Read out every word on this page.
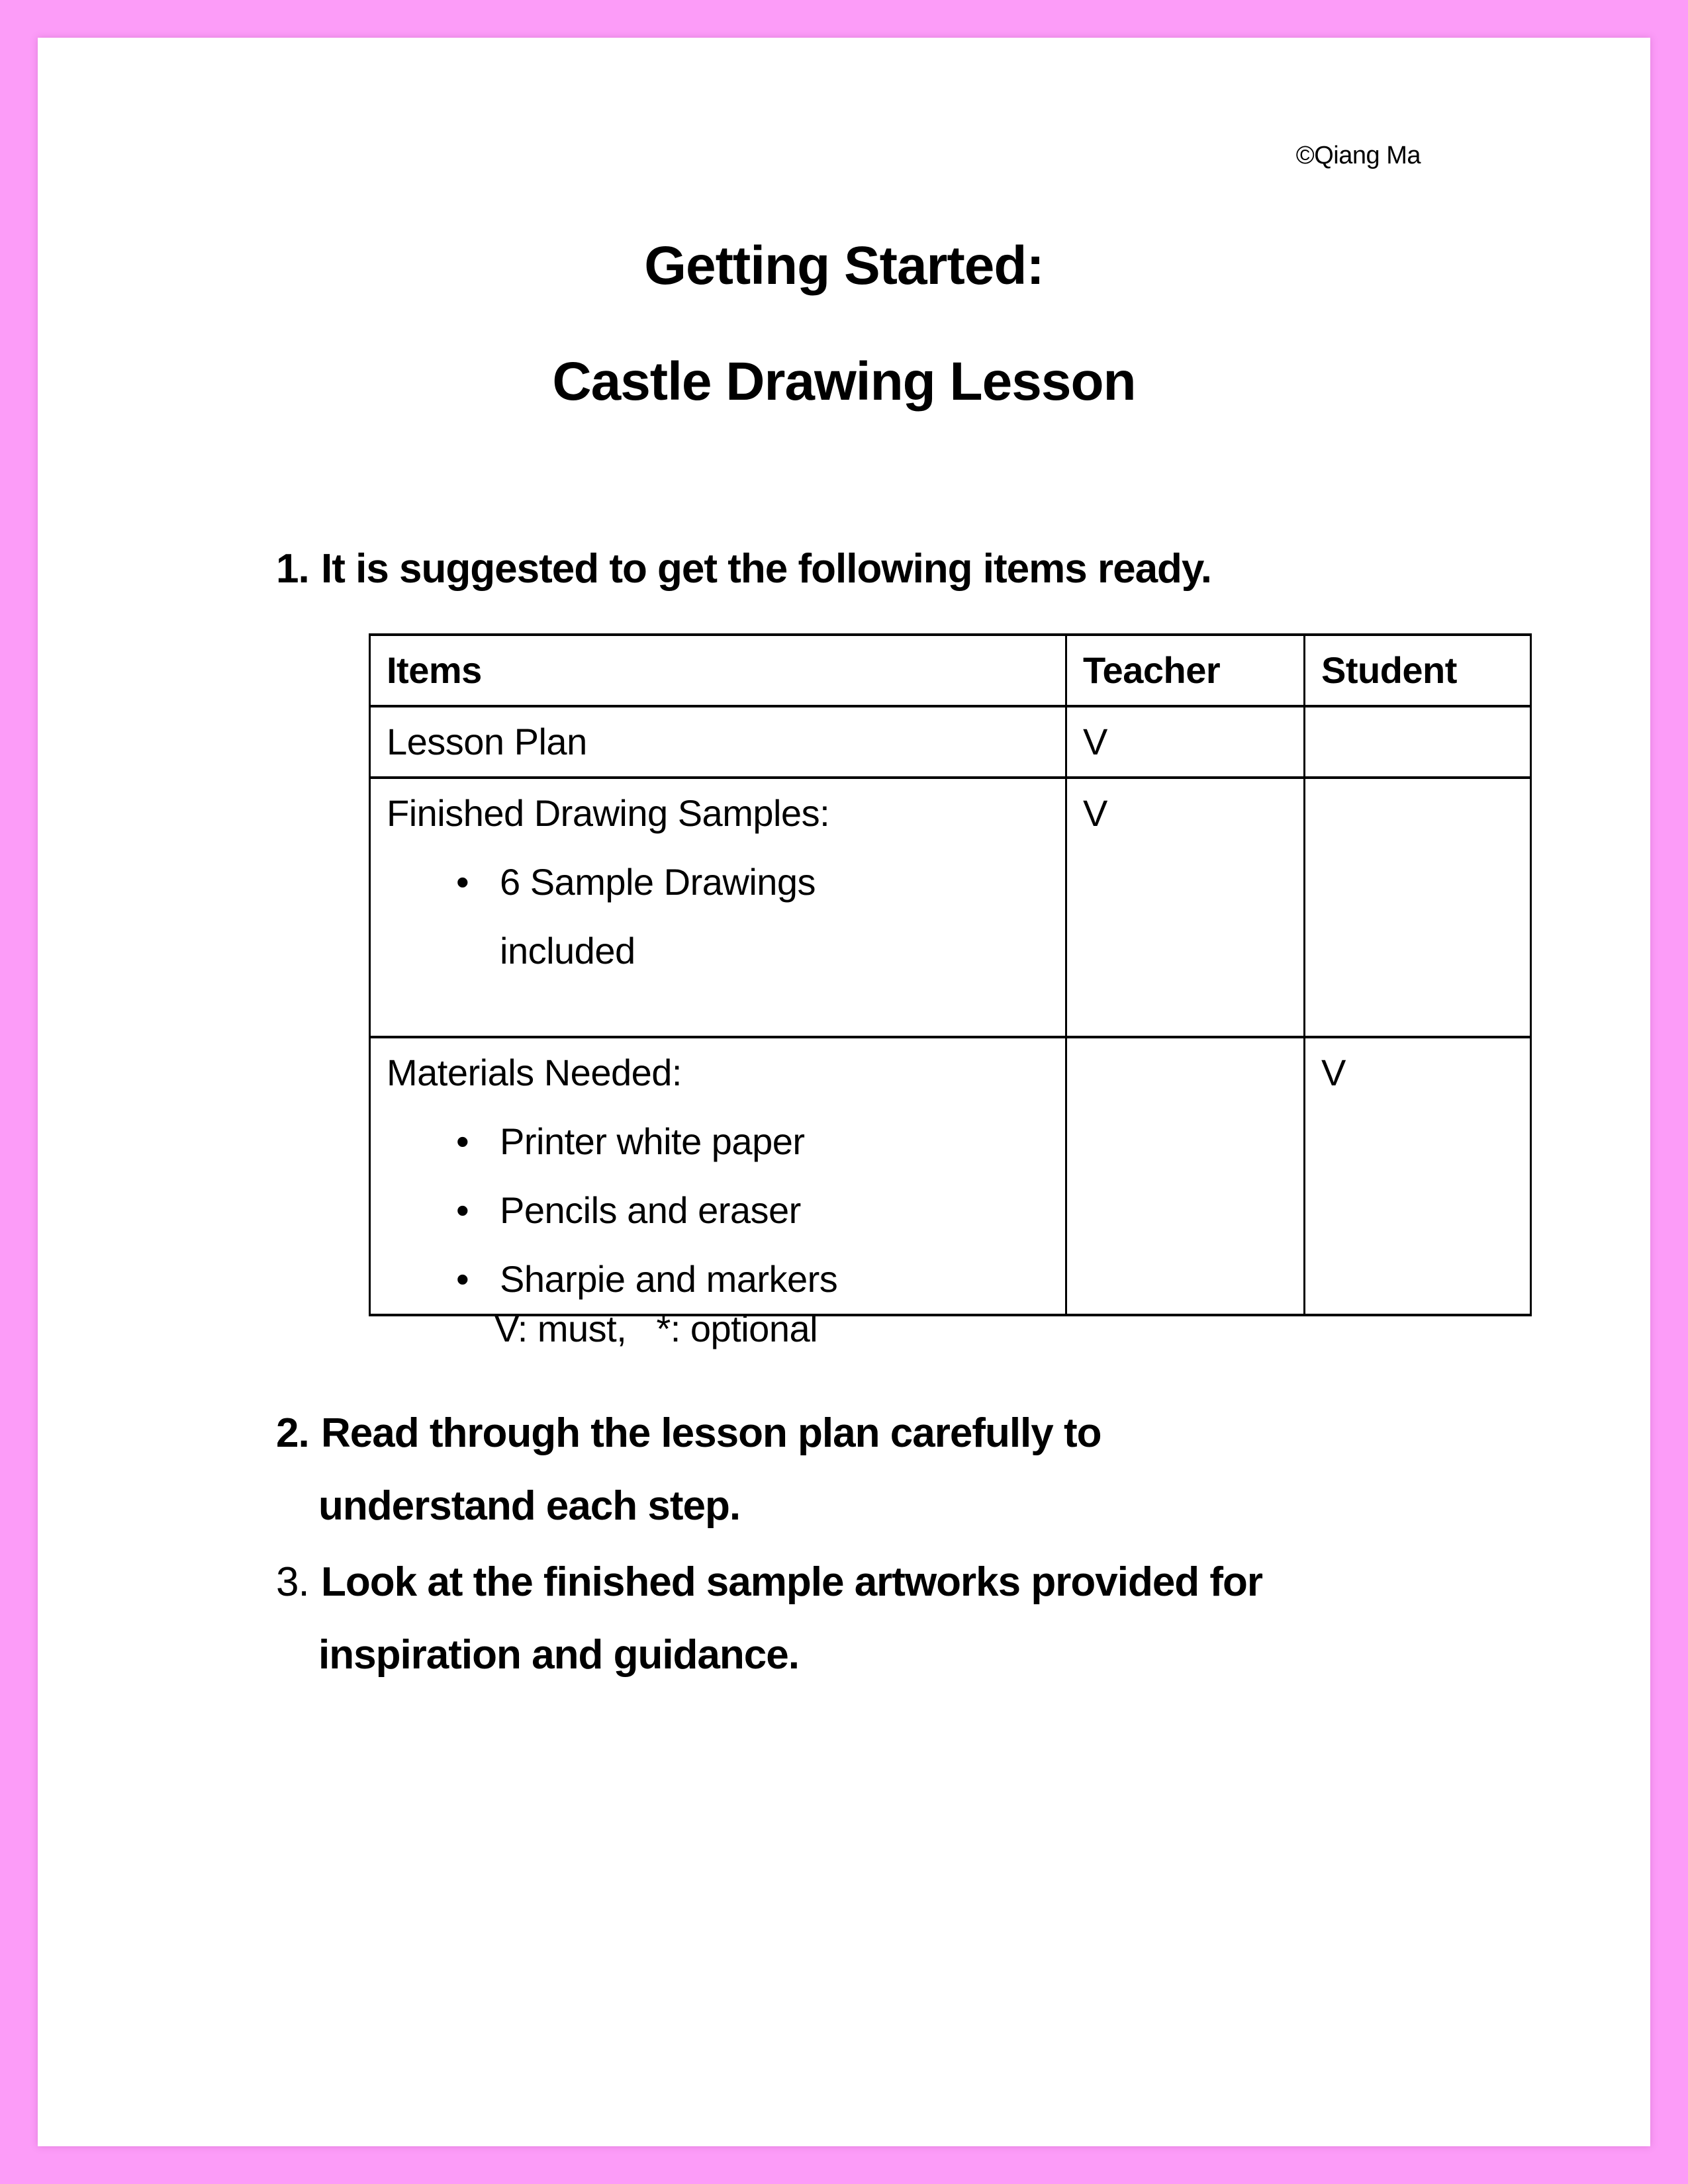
©Qiang Ma
Getting Started:
Castle Drawing Lesson
1. It is suggested to get the following items ready.
Items	Teacher	Student
Lesson Plan	V	

Finished Drawing Samples:
• 6 Sample Drawings
included	V	

Materials Needed:
• Printer white paper
• Pencils and eraser
• Sharpie and markers
		V
V: must,   *: optional
2. Read through the lesson plan carefully to
understand each step.
3. Look at the finished sample artworks provided for
inspiration and guidance.
